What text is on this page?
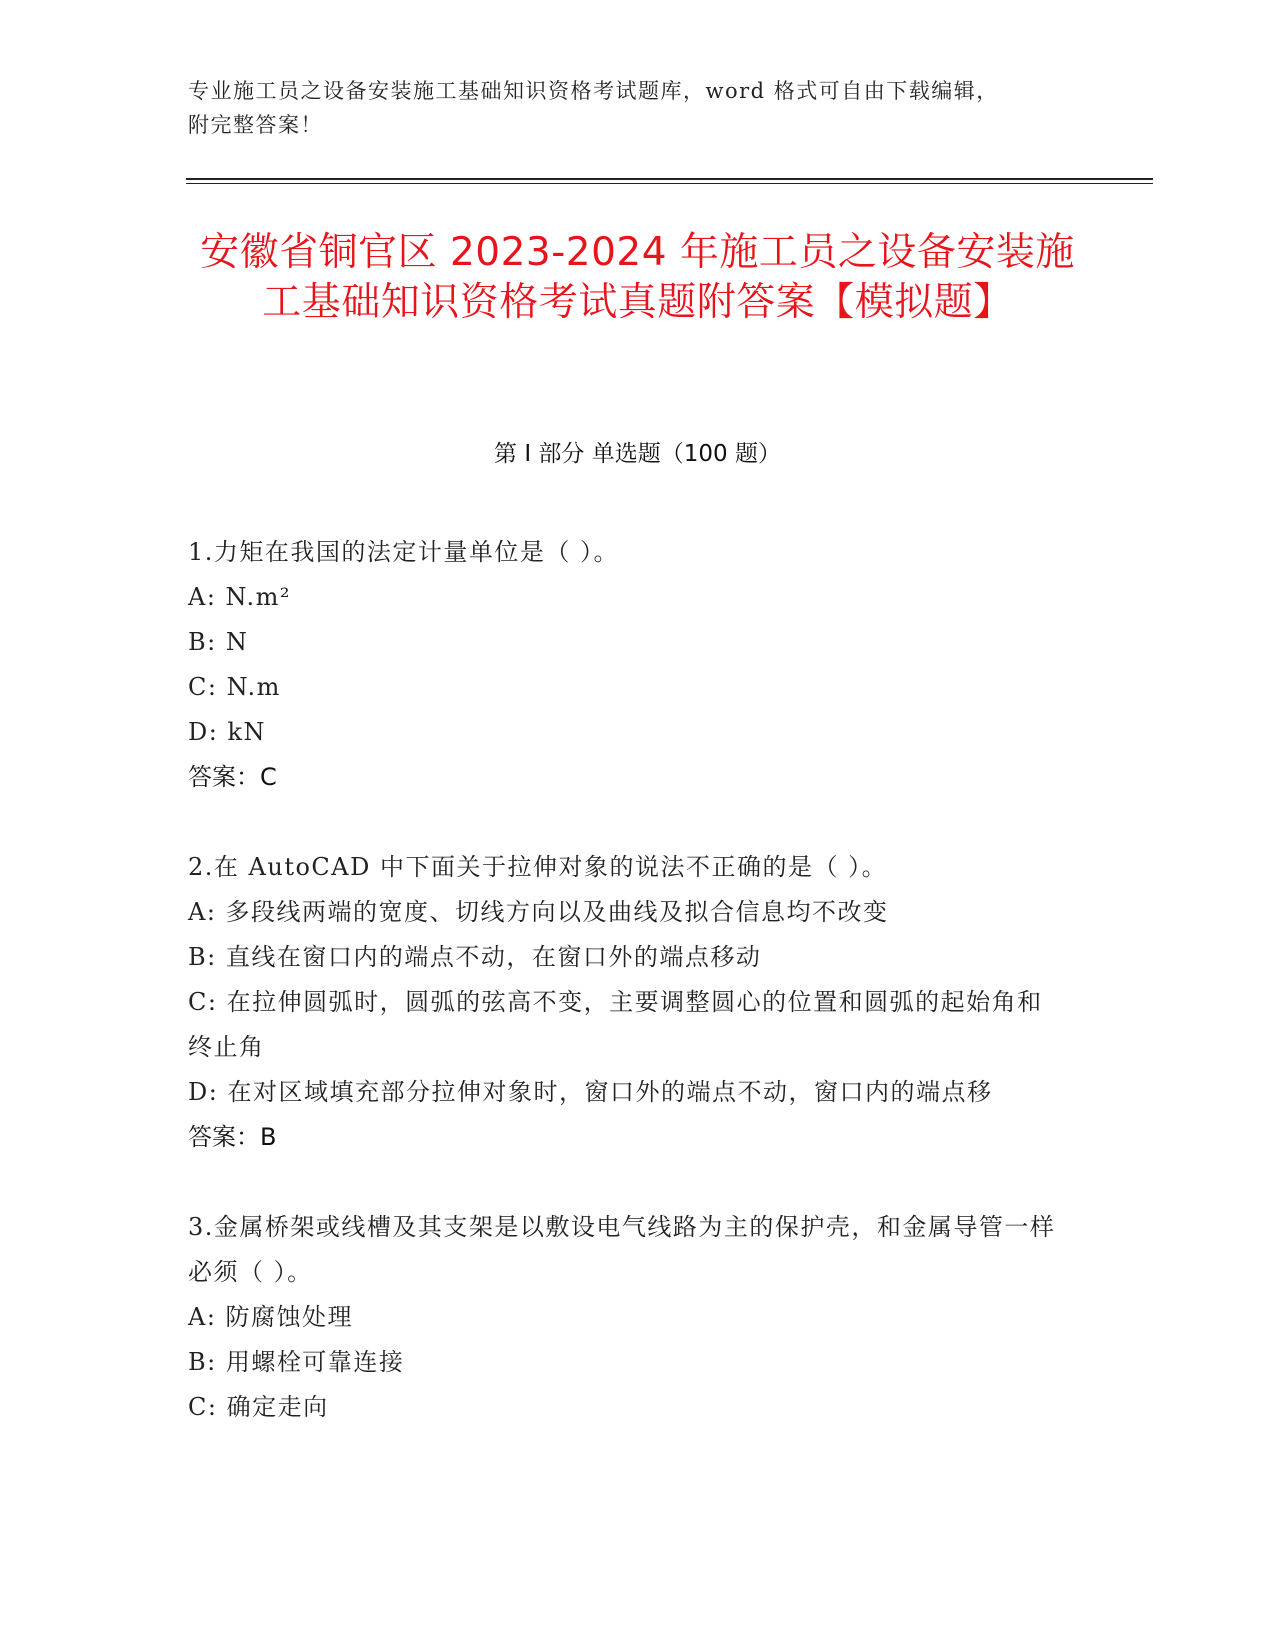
专业施工员之设备安装施工基础知识资格考试题库，word 格式可自由下载编辑，
附完整答案！
安徽省铜官区 2023-2024 年施工员之设备安装施工基础知识资格考试真题附答案【模拟题】
第 I 部分 单选题（100 题）

1.力矩在我国的法定计量单位是（ ）。

A: N.m²

B: N

C: N.m

D: kN

答案：C

2.在 AutoCAD 中下面关于拉伸对象的说法不正确的是（ ）。

A: 多段线两端的宽度、切线方向以及曲线及拟合信息均不改变

B: 直线在窗口内的端点不动，在窗口外的端点移动

C: 在拉伸圆弧时，圆弧的弦高不变，主要调整圆心的位置和圆弧的起始角和终止角

D: 在对区域填充部分拉伸对象时，窗口外的端点不动，窗口内的端点移

答案：B

3.金属桥架或线槽及其支架是以敷设电气线路为主的保护壳，和金属导管一样必须（ ）。

A: 防腐蚀处理

B: 用螺栓可靠连接

C: 确定走向
